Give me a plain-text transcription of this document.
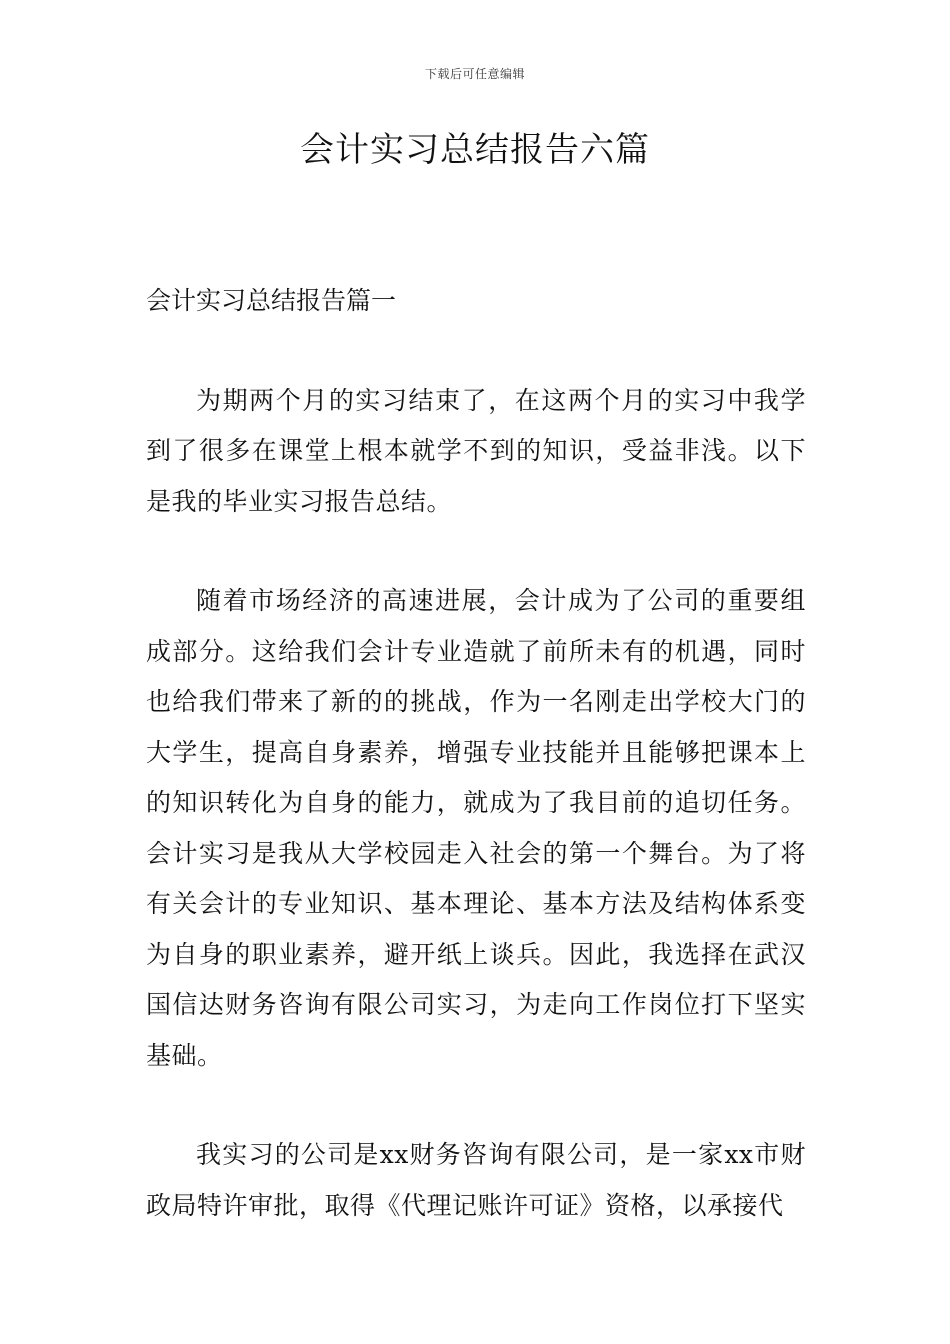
下载后可任意编辑
会计实习总结报告六篇
会计实习总结报告篇一

为期两个月的实习结束了，在这两个月的实习中我学到了很多在课堂上根本就学不到的知识，受益非浅。以下是我的毕业实习报告总结。

随着市场经济的高速进展，会计成为了公司的重要组成部分。这给我们会计专业造就了前所未有的机遇，同时也给我们带来了新的的挑战，作为一名刚走出学校大门的大学生，提高自身素养，增强专业技能并且能够把课本上的知识转化为自身的能力，就成为了我目前的追切任务。会计实习是我从大学校园走入社会的第一个舞台。为了将有关会计的专业知识、基本理论、基本方法及结构体系变为自身的职业素养，避开纸上谈兵。因此，我选择在武汉国信达财务咨询有限公司实习，为走向工作岗位打下坚实基础。

我实习的公司是xx财务咨询有限公司，是一家xx市财政局特许审批，取得《代理记账许可证》资格，以承接代
